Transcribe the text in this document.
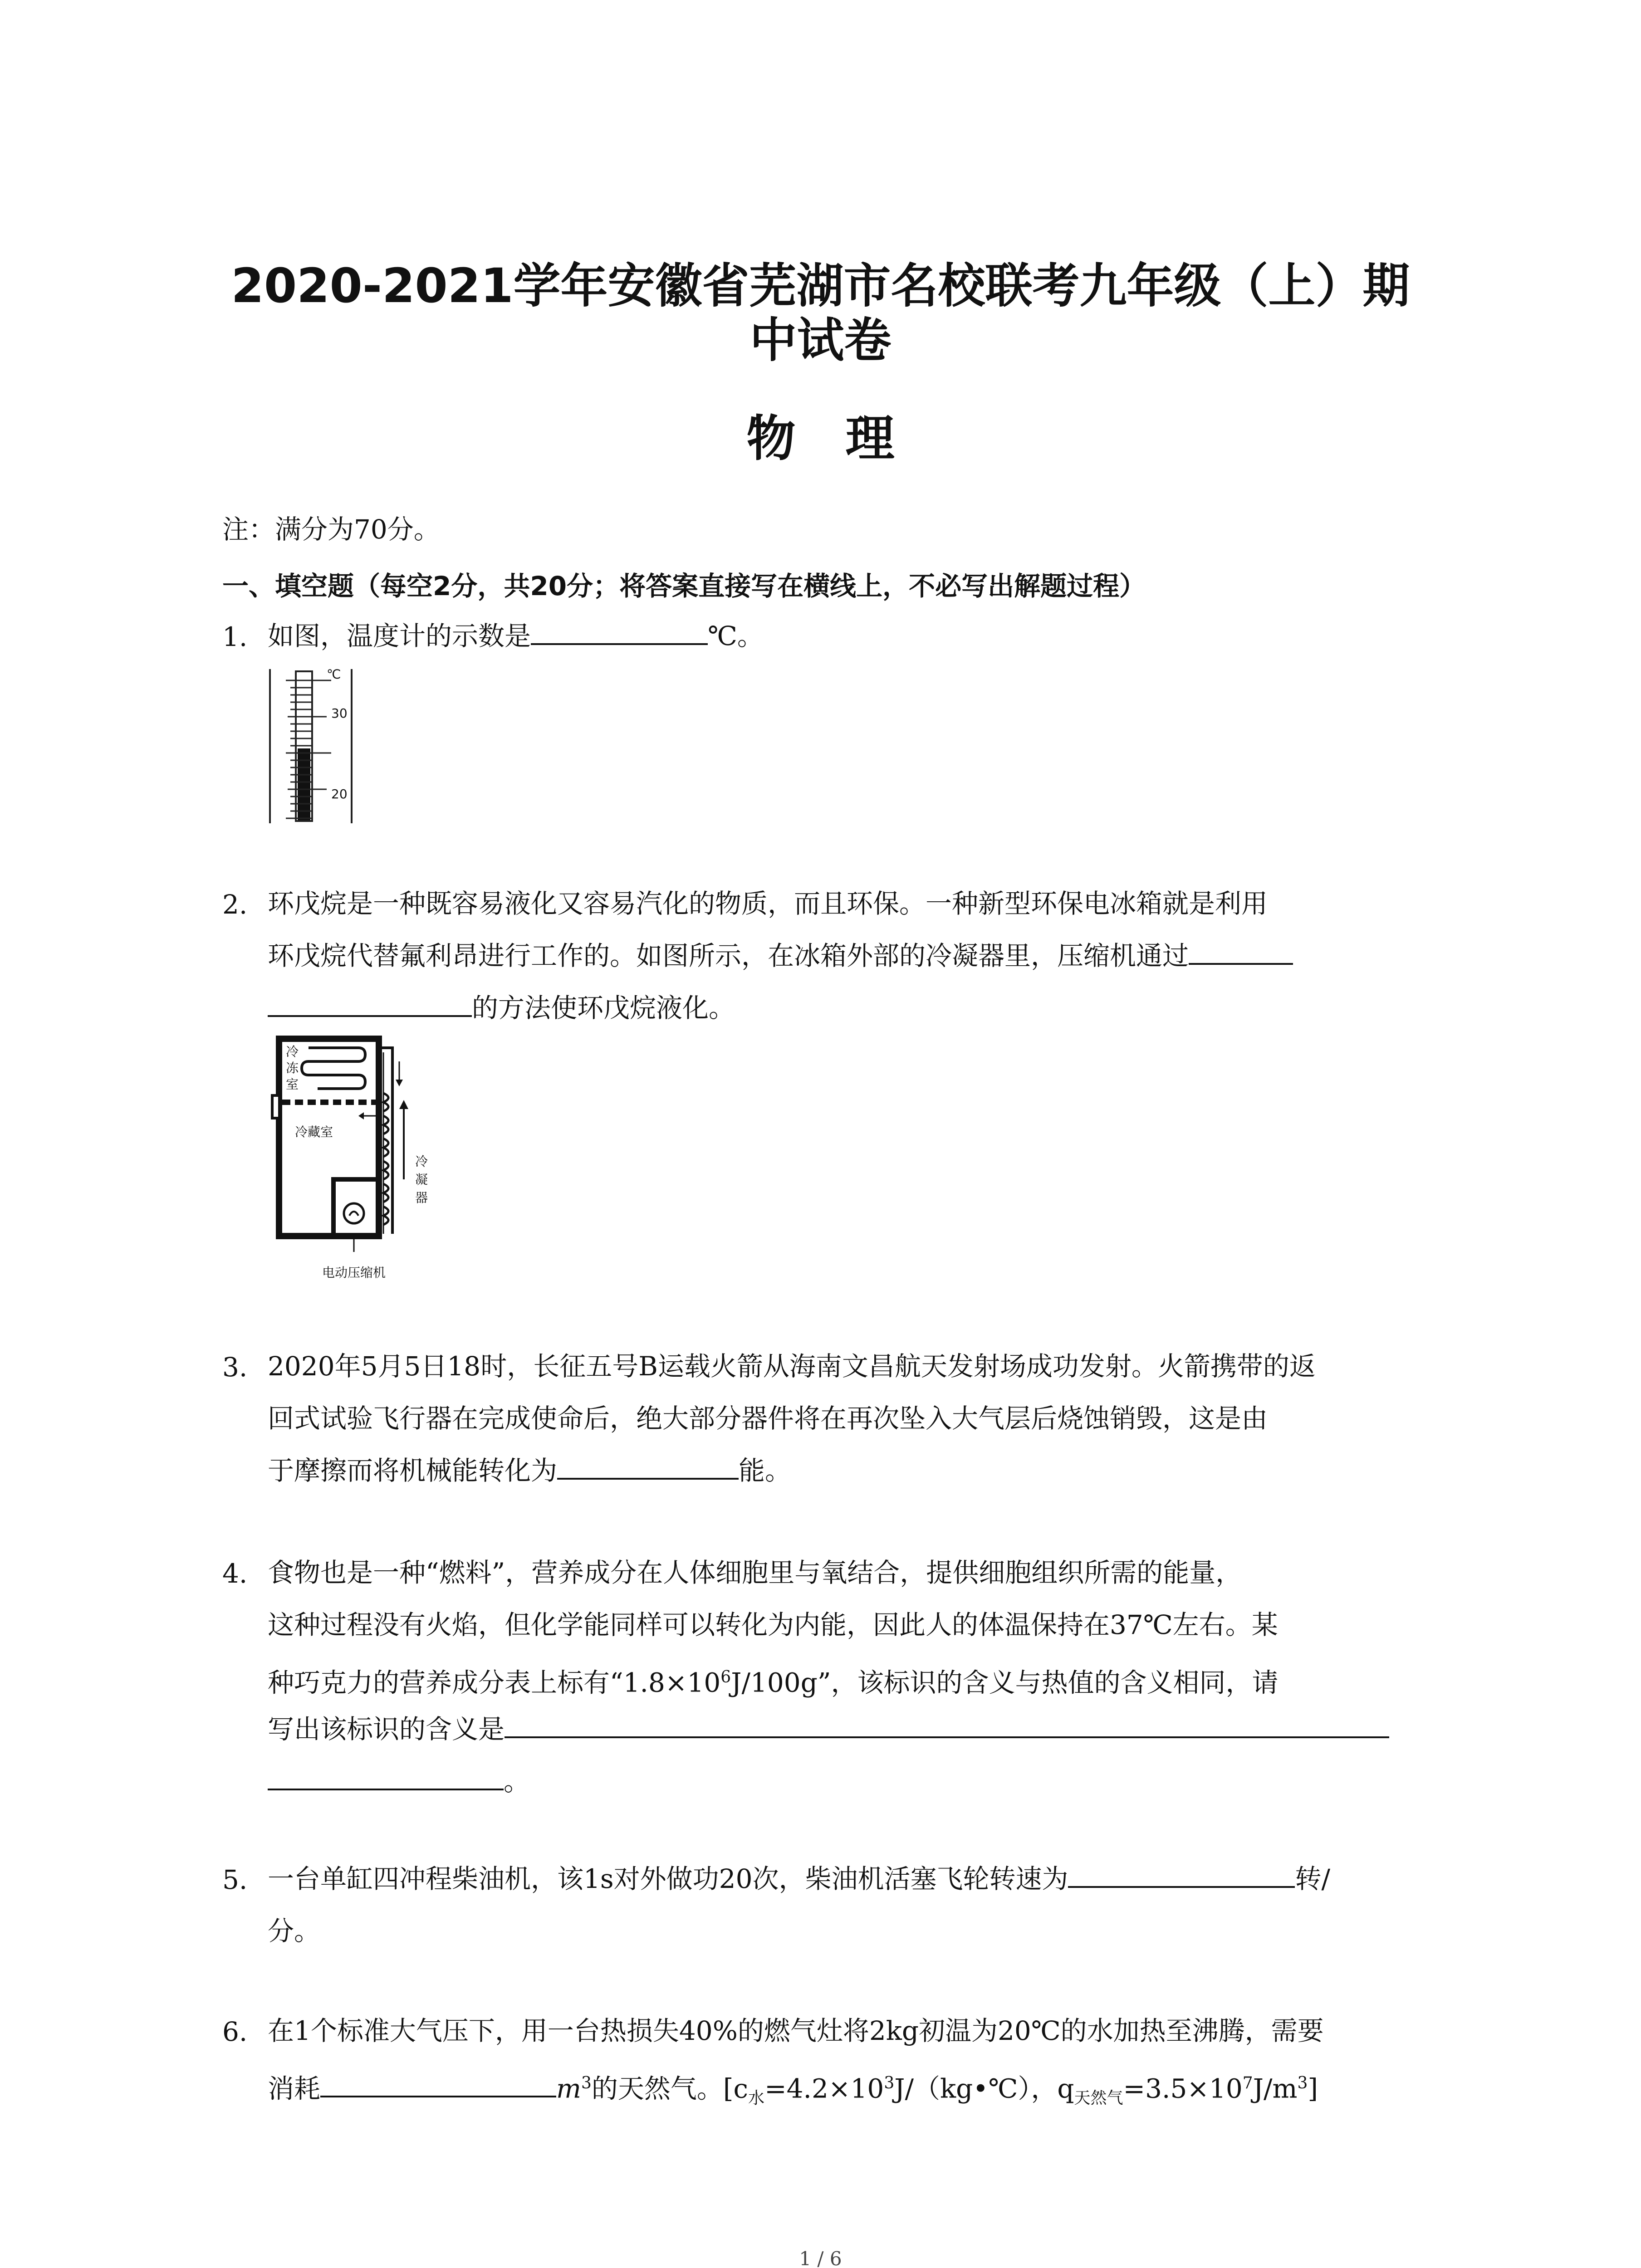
2020-2021学年安徽省芜湖市名校联考九年级（上）期
中试卷
物理
注：满分为70分。
一、填空题（每空2分，共20分；将答案直接写在横线上，不必写出解题过程）
1. 如图，温度计的示数是	℃。
℃
30
20
2. 环戊烷是一种既容易液化又容易汽化的物质，而且环保。一种新型环保电冰箱就是利用
环戊烷代替氟利昂进行工作的。如图所示，在冰箱外部的冷凝器里，压缩机通过
的方法使环戊烷液化。
冷
冻
室
冷藏室
冷
凝
器
电动压缩机
3. 2020年5月5日18时，长征五号B运载火箭从海南文昌航天发射场成功发射。火箭携带的返
回式试验飞行器在完成使命后，绝大部分器件将在再次坠入大气层后烧蚀销毁，这是由
于摩擦而将机械能转化为	能。
4. 食物也是一种“燃料”，营养成分在人体细胞里与氧结合，提供细胞组织所需的能量，
这种过程没有火焰，但化学能同样可以转化为内能，因此人的体温保持在37℃左右。某
种巧克力的营养成分表上标有“$1.8\times 10^6J/100g$”，该标识的含义与热值的含义相同，请
写出该标识的含义是
。
5. 一台单缸四冲程柴油机，该1s对外做功20次，柴油机活塞飞轮转速为	转/
分。
6. 在1个标准大气压下，用一台热损失40%的燃气灶将2kg初温为20℃的水加热至沸腾，需要
消耗	$m^3$的天然气。[$c_水=4.2\times 10^3J/(kg•℃)$，$q_{天然气}=3.5\times 10^7J/m^3$]
1 / 6
